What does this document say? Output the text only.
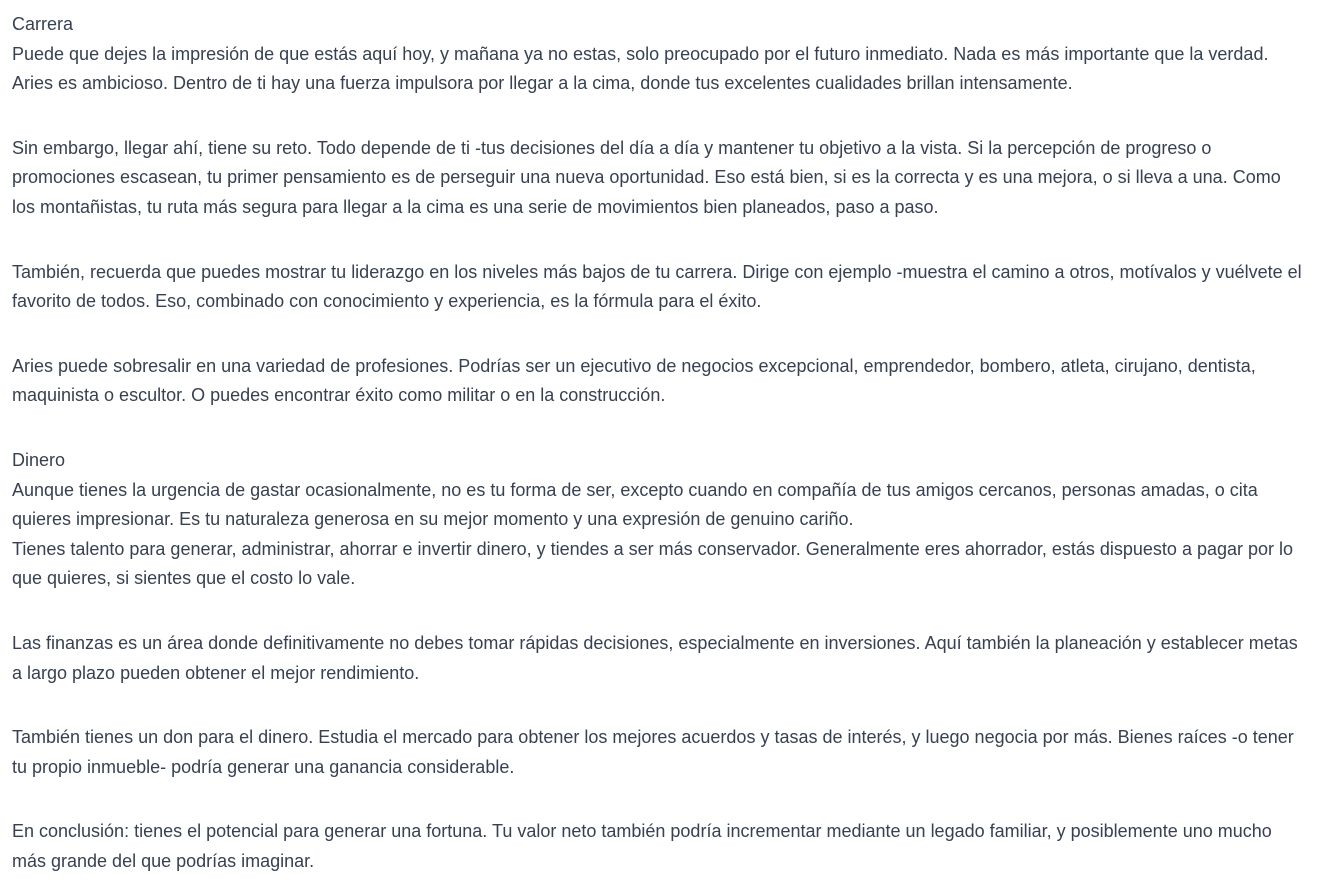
Carrera

Puede que dejes la impresión de que estás aquí hoy, y mañana ya no estas, solo preocupado por el futuro inmediato. Nada es más importante que la verdad. Aries es ambicioso. Dentro de ti hay una fuerza impulsora por llegar a la cima, donde tus excelentes cualidades brillan intensamente.

Sin embargo, llegar ahí, tiene su reto. Todo depende de ti -tus decisiones del día a día y mantener tu objetivo a la vista. Si la percepción de progreso o promociones escasean, tu primer pensamiento es de perseguir una nueva oportunidad. Eso está bien, si es la correcta y es una mejora, o si lleva a una. Como los montañistas, tu ruta más segura para llegar a la cima es una serie de movimientos bien planeados, paso a paso.

También, recuerda que puedes mostrar tu liderazgo en los niveles más bajos de tu carrera. Dirige con ejemplo -muestra el camino a otros, motívalos y vuélvete el favorito de todos. Eso, combinado con conocimiento y experiencia, es la fórmula para el éxito.

Aries puede sobresalir en una variedad de profesiones. Podrías ser un ejecutivo de negocios excepcional, emprendedor, bombero, atleta, cirujano, dentista, maquinista o escultor. O puedes encontrar éxito como militar o en la construcción.

Dinero

Aunque tienes la urgencia de gastar ocasionalmente, no es tu forma de ser, excepto cuando en compañía de tus amigos cercanos, personas amadas, o cita quieres impresionar. Es tu naturaleza generosa en su mejor momento y una expresión de genuino cariño.

Tienes talento para generar, administrar, ahorrar e invertir dinero, y tiendes a ser más conservador. Generalmente eres ahorrador, estás dispuesto a pagar por lo que quieres, si sientes que el costo lo vale.

Las finanzas es un área donde definitivamente no debes tomar rápidas decisiones, especialmente en inversiones. Aquí también la planeación y establecer metas a largo plazo pueden obtener el mejor rendimiento.

También tienes un don para el dinero. Estudia el mercado para obtener los mejores acuerdos y tasas de interés, y luego negocia por más. Bienes raíces -o tener tu propio inmueble- podría generar una ganancia considerable.

En conclusión: tienes el potencial para generar una fortuna. Tu valor neto también podría incrementar mediante un legado familiar, y posiblemente uno mucho más grande del que podrías imaginar.
